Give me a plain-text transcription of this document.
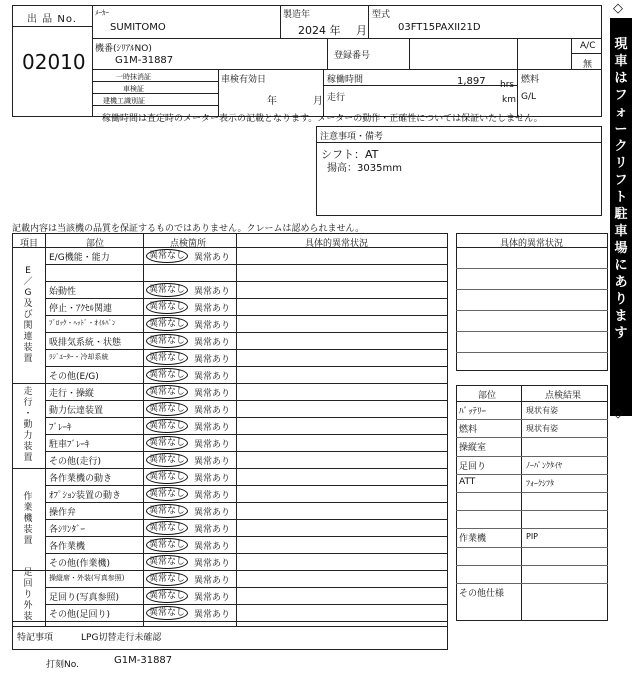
出 品 No.
02010
ﾒｰｶｰ
SUMITOMO
製造年
2024 年 月
型式
03FT15PAXII21D
機番(ｼﾘｱﾙNO)
G1M-31887	登録番号
A/C
無
一時抹消証
車検証
建機工識別証
車検有効日
年	月
稼働時間	1,897 hrs
走行	km
燃料
G/L
稼働時間は査定時のメーター表示の記載となります。メーターの動作・正確性については保証いたしません。
注意事項・備考
シフト：AT
揚高：3035mm
記載内容は当該機の品質を保証するものではありません。クレームは認められません。
◇
現
車
は
フ
ォ
ー
ク
リ
フ
ト
駐
車
場
に
あ
り
ま
す
◇
項目	部位	点検箇所	具体的異常状況
E
／
G
及
び
関
連
装
置
E/G機能・能力	異常なし	異常あり
始動性	異常なし	異常あり
停止・ｱｸｾﾙ関連	異常なし	異常あり
ﾌﾞﾛｯｸ・ﾍｯﾄﾞ・ｵｲﾙﾊﾟﾝ	異常なし	異常あり
吸排気系統・状態	異常なし	異常あり
ﾗｼﾞｴｰﾀｰ・冷却系統	異常なし	異常あり
その他(E/G)	異常なし	異常あり
走
行
・
動
力
装
置
走行・操縦	異常なし	異常あり
動力伝達装置	異常なし	異常あり
ﾌﾞﾚｰｷ	異常なし	異常あり
駐車ﾌﾞﾚｰｷ	異常なし	異常あり
その他(走行)	異常なし	異常あり
作
業
機
装
置
各作業機の動き	異常なし	異常あり
ｵﾌﾟｼｮﾝ装置の動き	異常なし	異常あり
操作弁	異常なし	異常あり
各ｼﾘﾝﾀﾞｰ	異常なし	異常あり
各作業機	異常なし	異常あり
その他(作業機)	異常なし	異常あり
足
回
り
外
装
操縦席・外装(写真参照)	異常なし	異常あり
足回り(写真参照)	異常なし	異常あり
その他(足回り)	異常なし	異常あり
特記事項	LPG切替走行未確認
打刻No.	G1M-31887
具体的異常状況
部位	点検結果
ﾊﾞｯﾃﾘｰ	現状有姿
燃料	現状有姿
操縦室
足回り	ﾉｰﾊﾟﾝｸﾀｲﾔ
ATT	ﾌｫｰｸｼﾌﾀ
作業機	PIP
その他仕様
